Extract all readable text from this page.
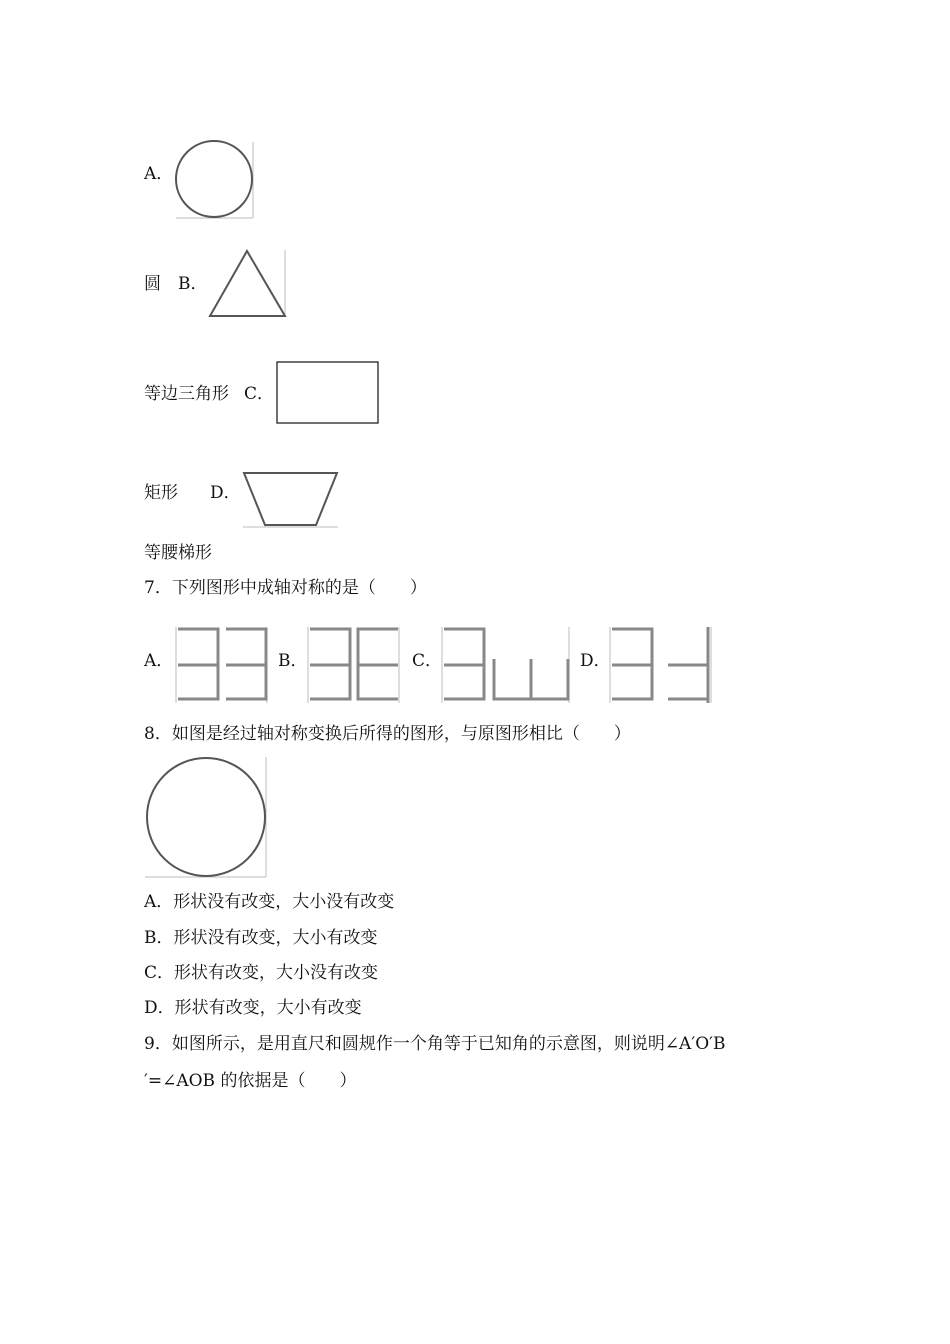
A．
圆 B．
等边三角形 C．
矩形 D．
等腰梯形
7．下列图形中成轴对称的是（　　）
A．	B．	C．	D．
8．如图是经过轴对称变换后所得的图形，与原图形相比（　　）
A．形状没有改变，大小没有改变
B．形状没有改变，大小有改变
C．形状有改变，大小没有改变
D．形状有改变，大小有改变
9．如图所示，是用直尺和圆规作一个角等于已知角的示意图，则说明∠A′O′B
′=∠AOB 的依据是（　　）
